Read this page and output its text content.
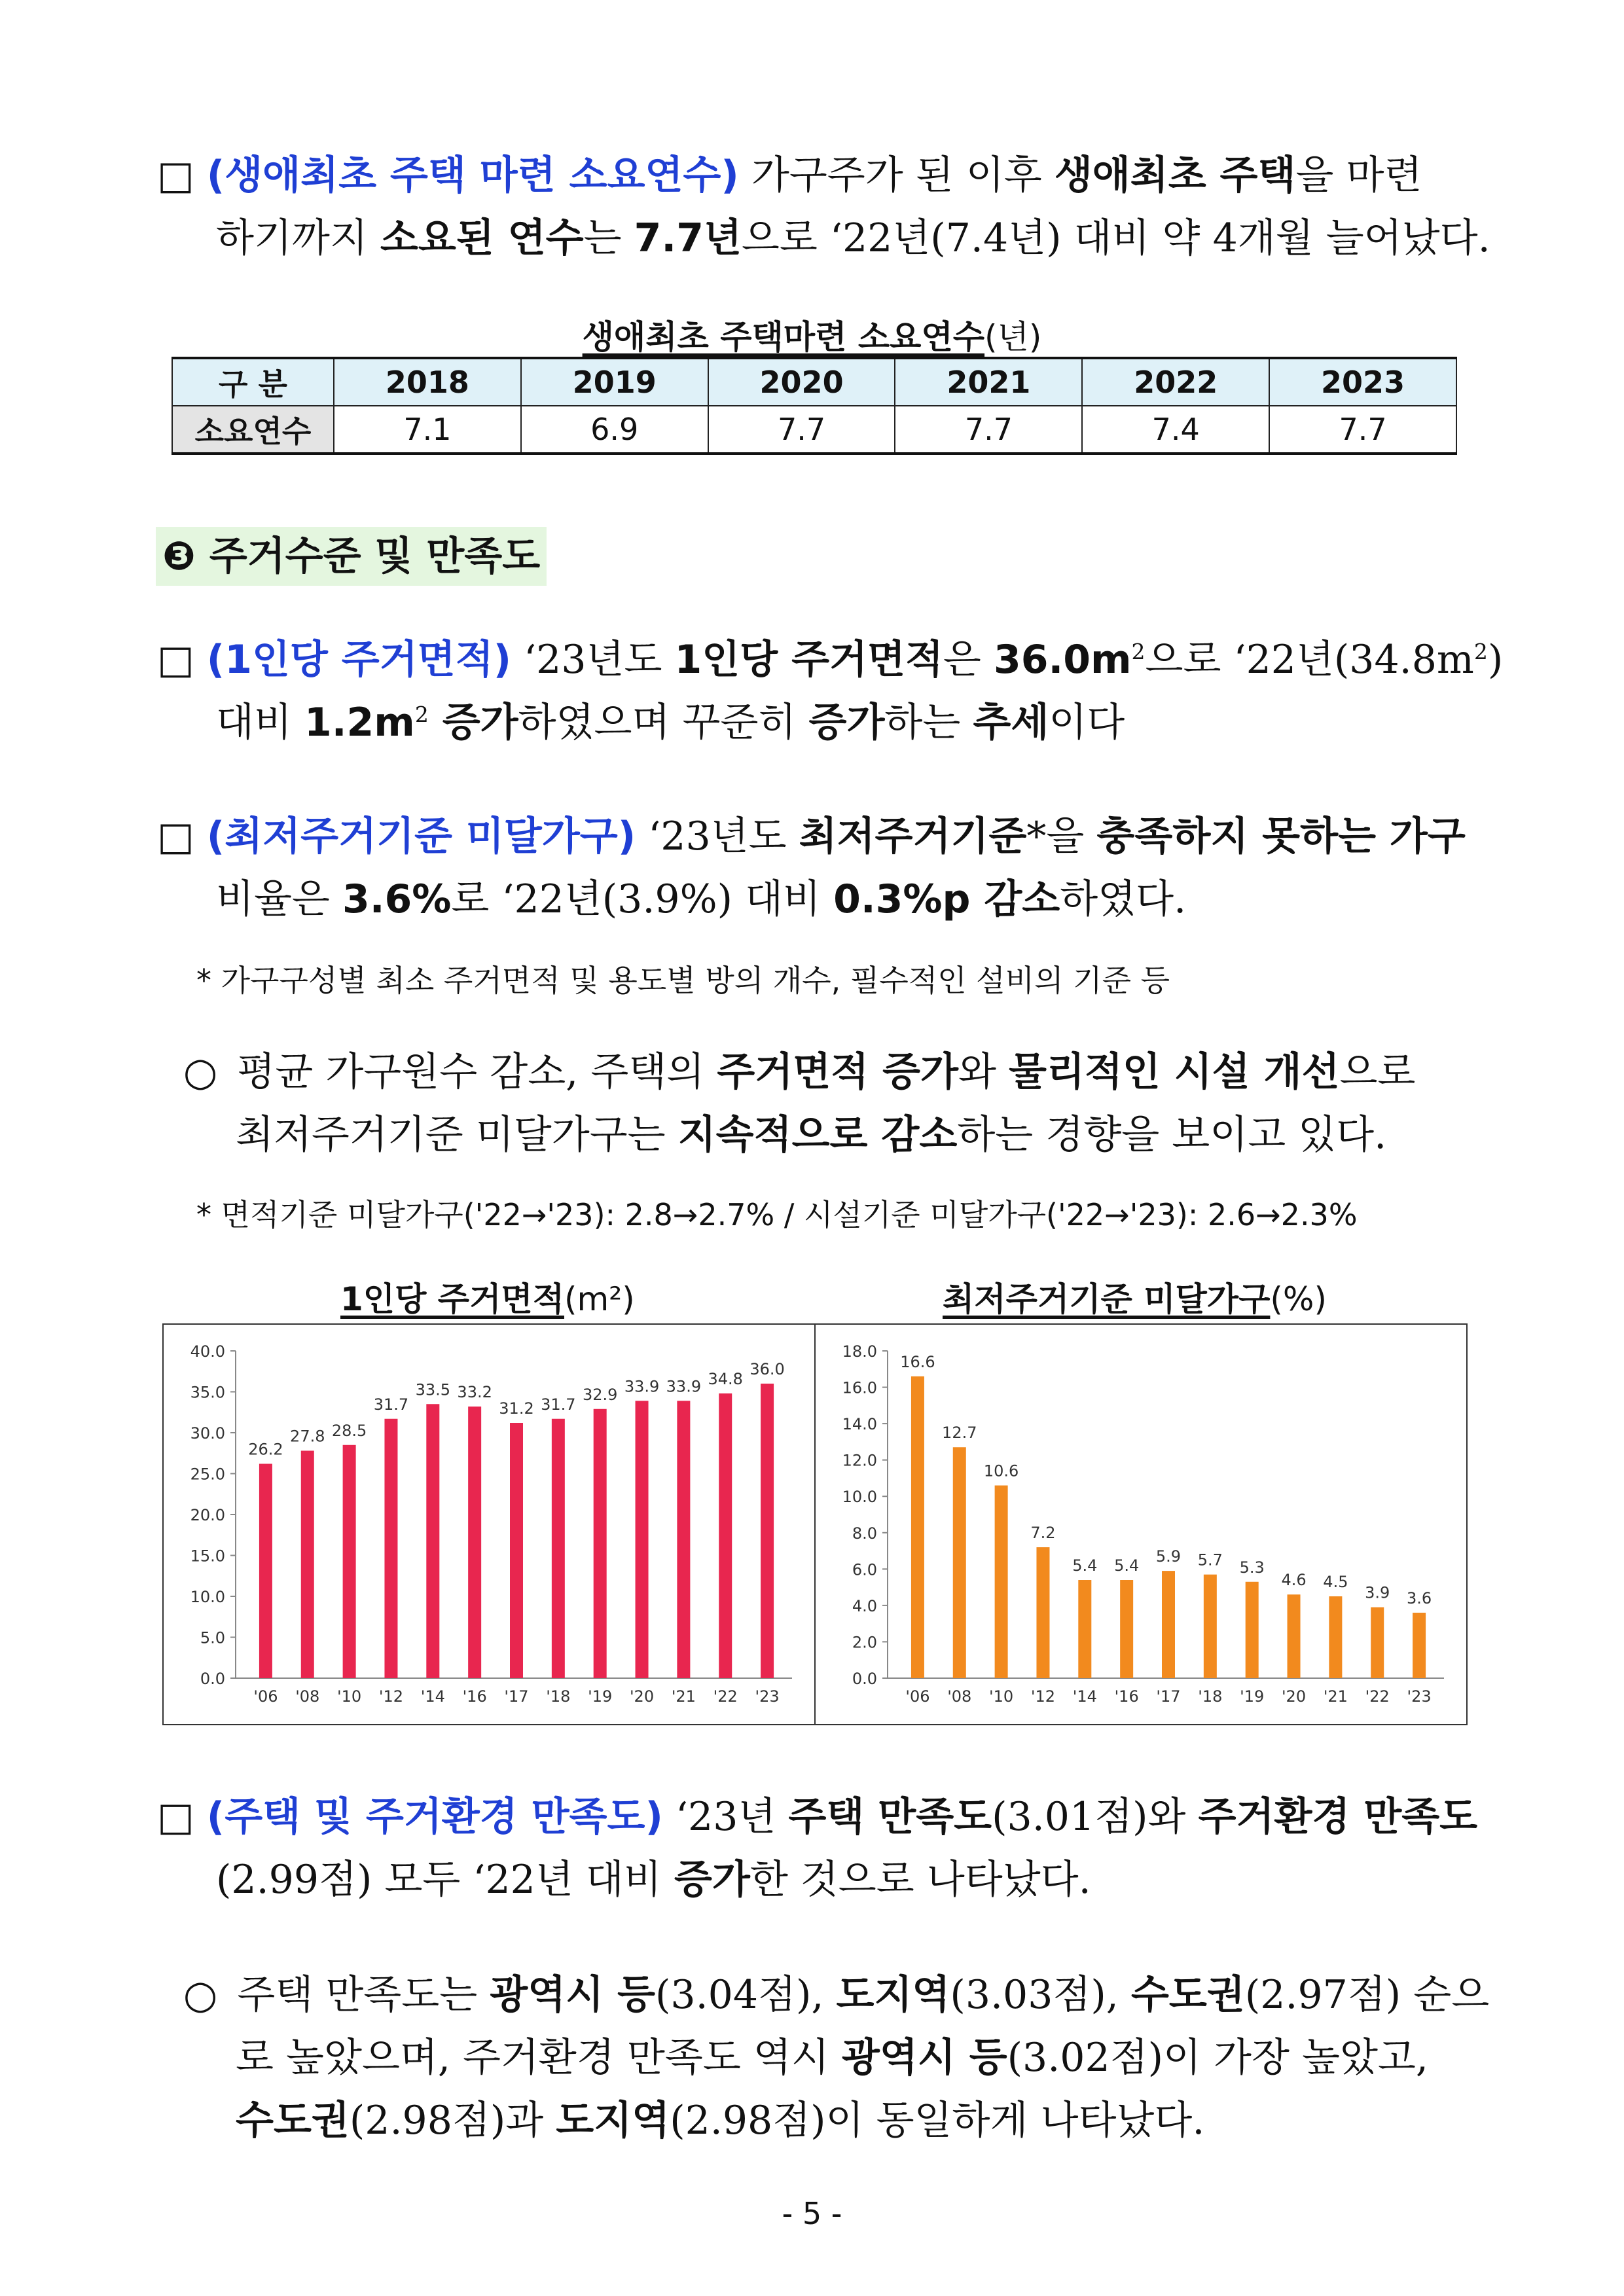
□ (생애최초 주택 마련 소요연수) 가구주가 된 이후 생애최초 주택을 마련
하기까지 소요된 연수는 7.7년으로 ‘22년(7.4년) 대비 약 4개월 늘어났다.
생애최초 주택마련 소요연수(년)
구 분	2018	2019	2020	2021	2022	2023
소요연수	7.1	6.9	7.7	7.7	7.4	7.7
❸ 주거수준 및 만족도
□ (1인당 주거면적) ‘23년도 1인당 주거면적은 $36.0m^2$으로 ‘22년$(34.8m^2)$
대비 $1.2m^2$ 증가하였으며 꾸준히 증가하는 추세이다
□ (최저주거기준 미달가구) ‘23년도 최저주거기준*을 충족하지 못하는 가구
비율은 3.6%로 ‘22년(3.9%) 대비 0.3%p 감소하였다.
* 가구구성별 최소 주거면적 및 용도별 방의 개수, 필수적인 설비의 기준 등
○ 평균 가구원수 감소, 주택의 주거면적 증가와 물리적인 시설 개선으로
최저주거기준 미달가구는 지속적으로 감소하는 경향을 보이고 있다.
* 면적기준 미달가구('22→'23): 2.8→2.7% / 시설기준 미달가구('22→'23): 2.6→2.3%
1인당 주거면적(m²)	최저주거기준 미달가구(%)
0.0
5.0
10.0
15.0
20.0
25.0
30.0
35.0
40.0
26.2
'06
27.8
'08
28.5
'10
31.7
'12
33.5
'14
33.2
'16
31.2
'17
31.7
'18
32.9
'19
33.9
'20
33.9
'21
34.8
'22
36.0
'23
0.0
2.0
4.0
6.0
8.0
10.0
12.0
14.0
16.0
18.0
16.6
'06
12.7
'08
10.6
'10
7.2
'12
5.4
'14
5.4
'16
5.9
'17
5.7
'18
5.3
'19
4.6
'20
4.5
'21
3.9
'22
3.6
'23
□ (주택 및 주거환경 만족도) ‘23년 주택 만족도(3.01점)와 주거환경 만족도
(2.99점) 모두 ‘22년 대비 증가한 것으로 나타났다.
○ 주택 만족도는 광역시 등(3.04점), 도지역(3.03점), 수도권(2.97점) 순으
로 높았으며, 주거환경 만족도 역시 광역시 등(3.02점)이 가장 높았고,
수도권(2.98점)과 도지역(2.98점)이 동일하게 나타났다.
- 5 -
